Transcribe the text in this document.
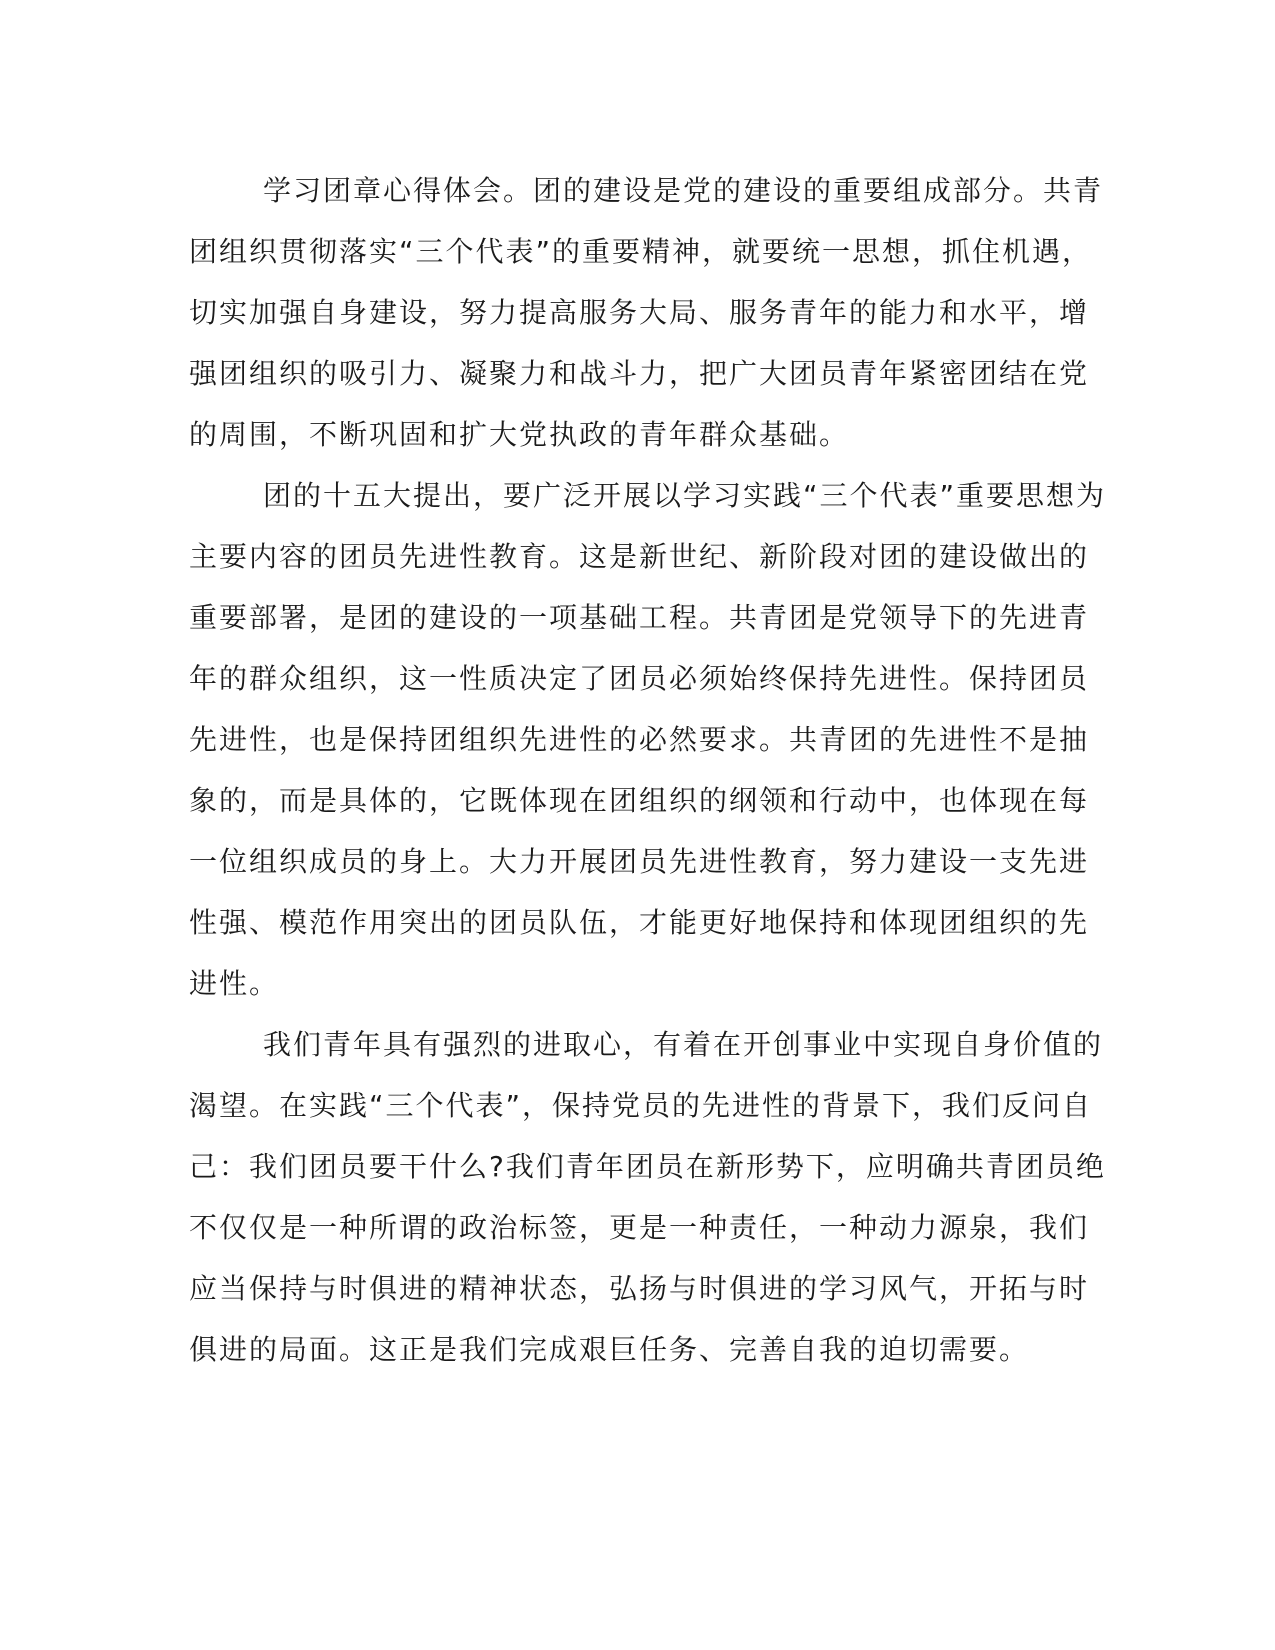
学习团章心得体会。团的建设是党的建设的重要组成部分。共青
团组织贯彻落实“三个代表”的重要精神，就要统一思想，抓住机遇，
切实加强自身建设，努力提高服务大局、服务青年的能力和水平，增
强团组织的吸引力、凝聚力和战斗力，把广大团员青年紧密团结在党
的周围，不断巩固和扩大党执政的青年群众基础。
团的十五大提出，要广泛开展以学习实践“三个代表”重要思想为
主要内容的团员先进性教育。这是新世纪、新阶段对团的建设做出的
重要部署，是团的建设的一项基础工程。共青团是党领导下的先进青
年的群众组织，这一性质决定了团员必须始终保持先进性。保持团员
先进性，也是保持团组织先进性的必然要求。共青团的先进性不是抽
象的，而是具体的，它既体现在团组织的纲领和行动中，也体现在每
一位组织成员的身上。大力开展团员先进性教育，努力建设一支先进
性强、模范作用突出的团员队伍，才能更好地保持和体现团组织的先
进性。
我们青年具有强烈的进取心，有着在开创事业中实现自身价值的
渴望。在实践“三个代表”，保持党员的先进性的背景下，我们反问自
己：我们团员要干什么?我们青年团员在新形势下，应明确共青团员绝
不仅仅是一种所谓的政治标签，更是一种责任，一种动力源泉，我们
应当保持与时俱进的精神状态，弘扬与时俱进的学习风气，开拓与时
俱进的局面。这正是我们完成艰巨任务、完善自我的迫切需要。
